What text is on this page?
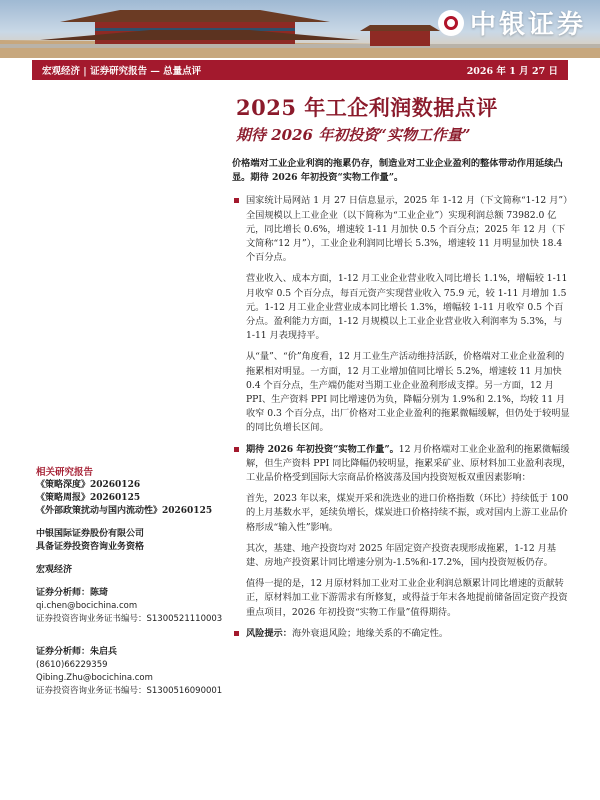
中银证券
宏观经济 | 证券研究报告 — 总量点评	2026 年 1 月 27 日
2025 年工企利润数据点评
期待 2026 年初投资“实物工作量”

价格端对工业企业利润的拖累仍存，制造业对工业企业盈利的整体带动作用延续凸显。期待 2026 年初投资“实物工作量”。

国家统计局网站 1 月 27 日信息显示，2025 年 1-12 月（下文简称“1-12 月”）全国规模以上工业企业（以下简称为“工业企业”）实现利润总额 73982.0 亿元，同比增长 0.6%，增速较 1-11 月加快 0.5 个百分点；2025 年 12 月（下文简称“12 月”），工业企业利润同比增长 5.3%，增速较 11 月明显加快 18.4 个百分点。

营业收入、成本方面，1-12 月工业企业营业收入同比增长 1.1%，增幅较 1-11 月收窄 0.5 个百分点，每百元资产实现营业收入 75.9 元，较 1-11 月增加 1.5 元。1-12 月工业企业营业成本同比增长 1.3%，增幅较 1-11 月收窄 0.5 个百分点。盈利能力方面，1-12 月规模以上工业企业营业收入利润率为 5.3%，与 1-11 月表现持平。

从“量”、“价”角度看，12 月工业生产活动维持活跃，价格端对工业企业盈利的拖累相对明显。一方面，12 月工业增加值同比增长 5.2%，增速较 11 月加快 0.4 个百分点，生产端仍能对当期工业企业盈利形成支撑。另一方面，12 月 PPI、生产资料 PPI 同比增速仍为负，降幅分别为 1.9%和 2.1%，均较 11 月收窄 0.3 个百分点，出厂价格对工业企业盈利的拖累微幅缓解，但仍处于较明显的同比负增长区间。

期待 2026 年初投资“实物工作量”。12 月价格端对工业企业盈利的拖累微幅缓解，但生产资料 PPI 同比降幅仍较明显，拖累采矿业、原材料加工业盈利表现，工业品价格受到国际大宗商品价格波荡及国内投资短板双重因素影响：

首先，2023 年以来，煤炭开采和洗选业的进口价格指数（环比）持续低于 100 的上月基数水平，延续负增长，煤炭进口价格持续不振，或对国内上游工业品价格形成“输入性”影响。

其次，基建、地产投资均对 2025 年固定资产投资表现形成拖累，1-12 月基建、房地产投资累计同比增速分别为-1.5%和-17.2%，国内投资短板仍存。

值得一提的是，12 月原材料加工业对工业企业利润总额累计同比增速的贡献转正，原材料加工业下游需求有所修复，或得益于年末各地提前储备固定资产投资重点项目，2026 年初投资“实物工作量”值得期待。

风险提示：海外衰退风险；地缘关系的不确定性。

相关研究报告
《策略深度》20260126
《策略周报》20260125
《外部政策扰动与国内流动性》20260125
中银国际证券股份有限公司
具备证券投资咨询业务资格
宏观经济
证券分析师：陈琦
qi.chen@bocichina.com
证券投资咨询业务证书编号：S1300521110003
证券分析师：朱启兵
(8610)66229359
Qibing.Zhu@bocichina.com
证券投资咨询业务证书编号：S1300516090001
